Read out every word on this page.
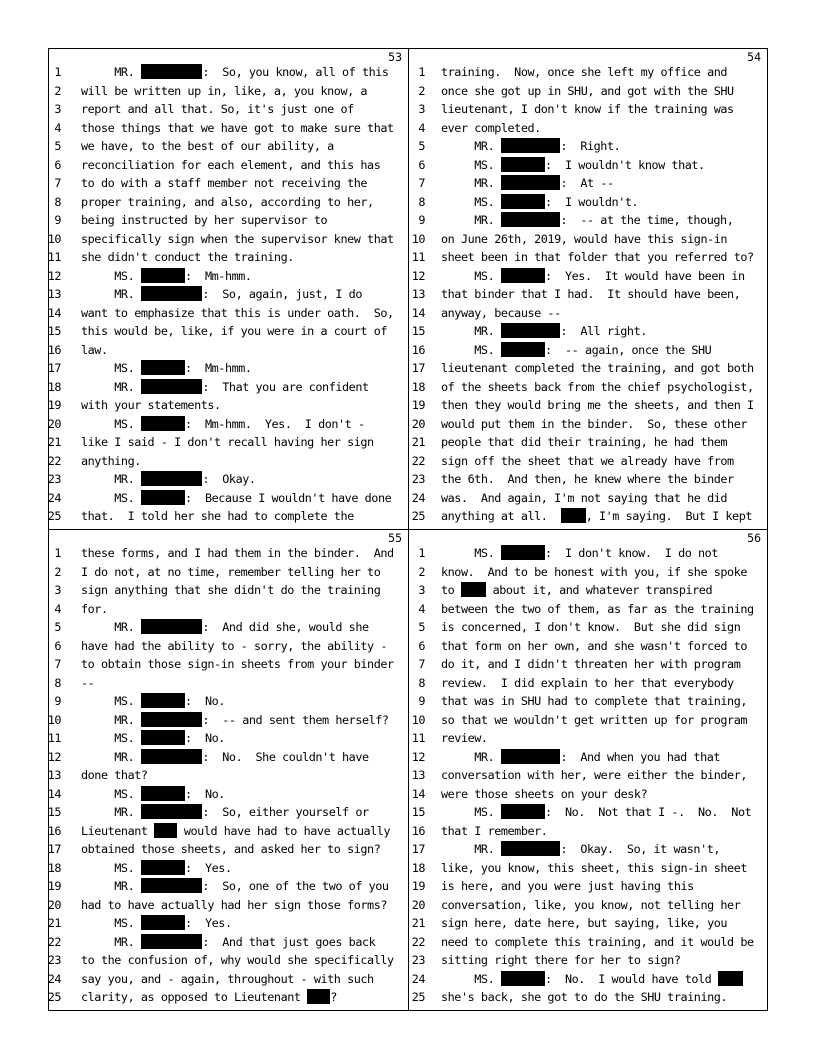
53
1 MR.	:  So, you know, all of this
2 will be written up in, like, a, you know, a
3 report and all that. So, it's just one of
4 those things that we have got to make sure that
5 we have, to the best of our ability, a
6 reconciliation for each element, and this has
7 to do with a staff member not receiving the
8 proper training, and also, according to her,
9 being instructed by her supervisor to
10 specifically sign when the supervisor knew that
11 she didn't conduct the training.
12 MS.	:  Mm-hmm.
13 MR.	:  So, again, just, I do
14 want to emphasize that this is under oath.  So,
15 this would be, like, if you were in a court of
16 law.
17 MS.	:  Mm-hmm.
18 MR.	:  That you are confident
19 with your statements.
20 MS.	:  Mm-hmm.  Yes.  I don't -
21 like I said - I don't recall having her sign
22 anything.
23 MR.	:  Okay.
24 MS.	:  Because I wouldn't have done
25 that.  I told her she had to complete the
54
1 training.  Now, once she left my office and
2 once she got up in SHU, and got with the SHU
3 lieutenant, I don't know if the training was
4 ever completed.
5 MR.	:  Right.
6 MS.	:  I wouldn't know that.
7 MR.	:  At --
8 MS.	:  I wouldn't.
9 MR.	:  -- at the time, though,
10 on June 26th, 2019, would have this sign-in
11 sheet been in that folder that you referred to?
12 MS.	:  Yes.  It would have been in
13 that binder that I had.  It should have been,
14 anyway, because --
15 MR.	:  All right.
16 MS.	:  -- again, once the SHU
17 lieutenant completed the training, and got both
18 of the sheets back from the chief psychologist,
19 then they would bring me the sheets, and then I
20 would put them in the binder.  So, these other
21 people that did their training, he had them
22 sign off the sheet that we already have from
23 the 6th.  And then, he knew where the binder
24 was.  And again, I'm not saying that he did
25 anything at all.  , I'm saying.  But I kept
55
1 these forms, and I had them in the binder.  And
2 I do not, at no time, remember telling her to
3 sign anything that she didn't do the training
4 for.
5 MR.	:  And did she, would she
6 have had the ability to - sorry, the ability -
7 to obtain those sign-in sheets from your binder
8 --
9 MS.	:  No.
10 MR.	:  -- and sent them herself?
11 MS.	:  No.
12 MR.	:  No.  She couldn't have
13 done that?
14 MS.	:  No.
15 MR.	:  So, either yourself or
16 Lieutenant  would have had to have actually
17 obtained those sheets, and asked her to sign?
18 MS.	:  Yes.
19 MR.	:  So, one of the two of you
20 had to have actually had her sign those forms?
21 MS.	:  Yes.
22 MR.	:  And that just goes back
23 to the confusion of, why would she specifically
24 say you, and - again, throughout - with such
25 clarity, as opposed to Lieutenant ?
56
1 MS.	:  I don't know.  I do not
2 know.  And to be honest with you, if she spoke
3 to  about it, and whatever transpired
4 between the two of them, as far as the training
5 is concerned, I don't know.  But she did sign
6 that form on her own, and she wasn't forced to
7 do it, and I didn't threaten her with program
8 review.  I did explain to her that everybody
9 that was in SHU had to complete that training,
10 so that we wouldn't get written up for program
11 review.
12 MR.	:  And when you had that
13 conversation with her, were either the binder,
14 were those sheets on your desk?
15 MS.	:  No.  Not that I -.  No.  Not
16 that I remember.
17 MR.	:  Okay.  So, it wasn't,
18 like, you know, this sheet, this sign-in sheet
19 is here, and you were just having this
20 conversation, like, you know, not telling her
21 sign here, date here, but saying, like, you
22 need to complete this training, and it would be
23 sitting right there for her to sign?
24 MS.	:  No.  I would have told
25 she's back, she got to do the SHU training.
